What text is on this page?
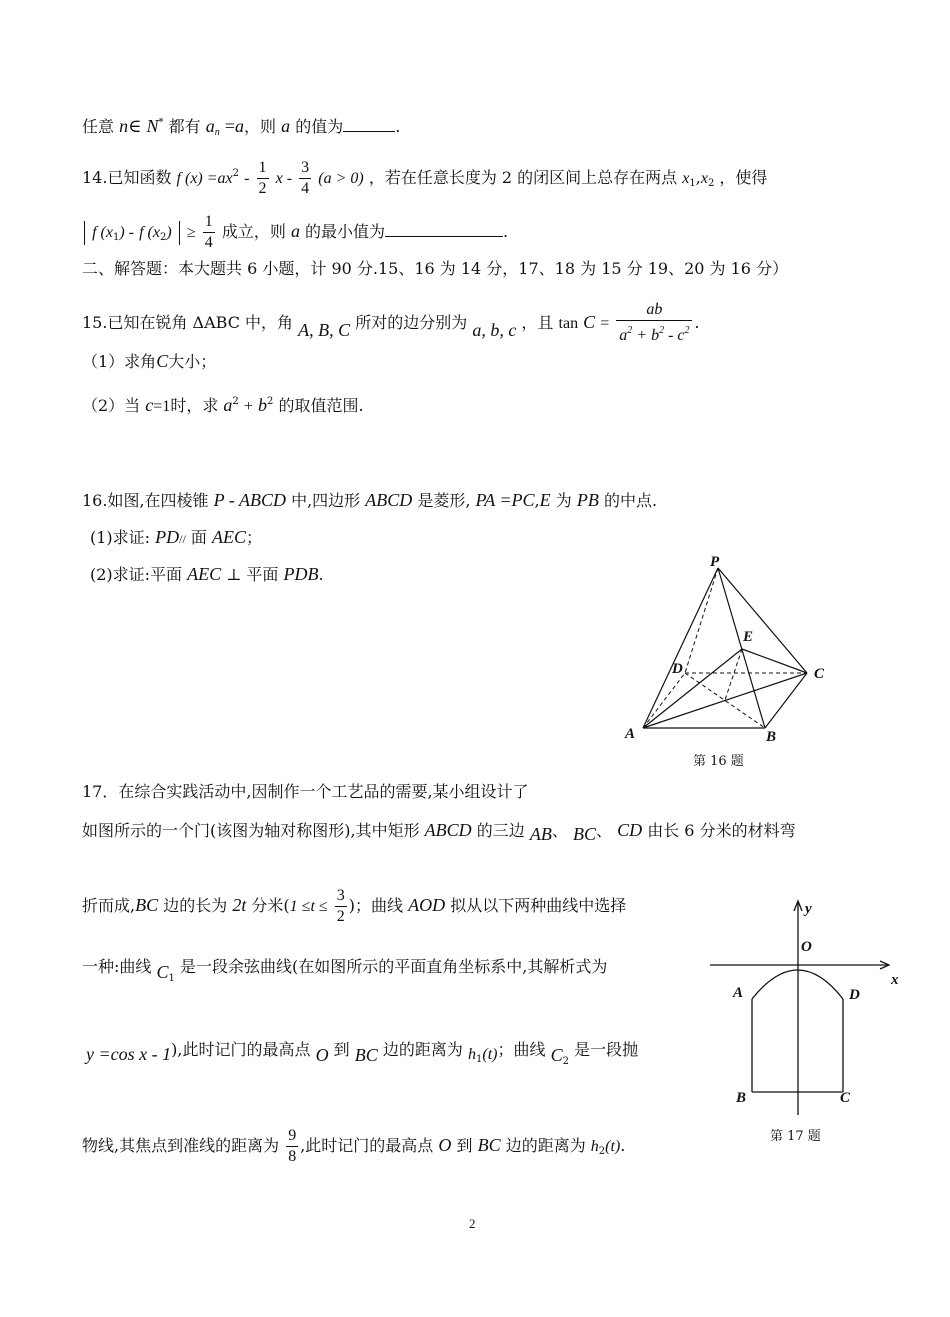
任意 n∈ N* 都有 $a_n =a$，则 a 的值为	.
14.已知函数 f $(x) =ax^2 - \frac{1}{2}$ $x - \frac{3}{4} (a > 0)$ ，若在任意长度为 2 的闭区间上总存在两点 $x_1,x_2$ ，使得
f $(x_1)$ - f $(x_2) \ge \frac{1}{4}$ 成立，则 a 的最小值为	.
二、解答题：本大题共 6 小题，计 90 分.15、16 为 14 分，17、18 为 15 分 19、20 为 16 分）
15.已知在锐角 ΔABC 中，角 A, B, C 所对的边分别为 a, b, c ，且 $\tan C = \frac{ab}{a^2 + b^2 - c^2}$ .
（1）求角C大小；
（2）当 c=1时，求 $a^2 + b^2$ 的取值范围.
16.如图,在四棱锥 P - ABCD 中,四边形 ABCD 是菱形, PA =PC,E 为 PB 的中点.
(1)求证: PD// 面 AEC；
(2)求证:平面 AEC ⊥ 平面 PDB.
P
E
D	C
A	B
第 16 题
17．在综合实践活动中,因制作一个工艺品的需要,某小组设计了
如图所示的一个门(该图为轴对称图形),其中矩形 ABCD 的三边 AB、 BC、 CD 由长 6 分米的材料弯
折而成,BC 边的长为 2t 分米($1 \le t \le \frac{3}{2}$ )；曲线 AOD 拟从以下两种曲线中选择
一种:曲线 $C_1$ 是一段余弦曲线(在如图所示的平面直角坐标系中,其解析式为
y =cos x - 1),此时记门的最高点 O 到 BC 边的距离为 $h_1(t)$；曲线 $C_2$ 是一段抛
物线,其焦点到准线的距离为 $\frac{9}{8}$ ,此时记门的最高点 O 到 BC 边的距离为 $h_2(t)$.
y
O
x
A	D
B	C
第 17 题
2
